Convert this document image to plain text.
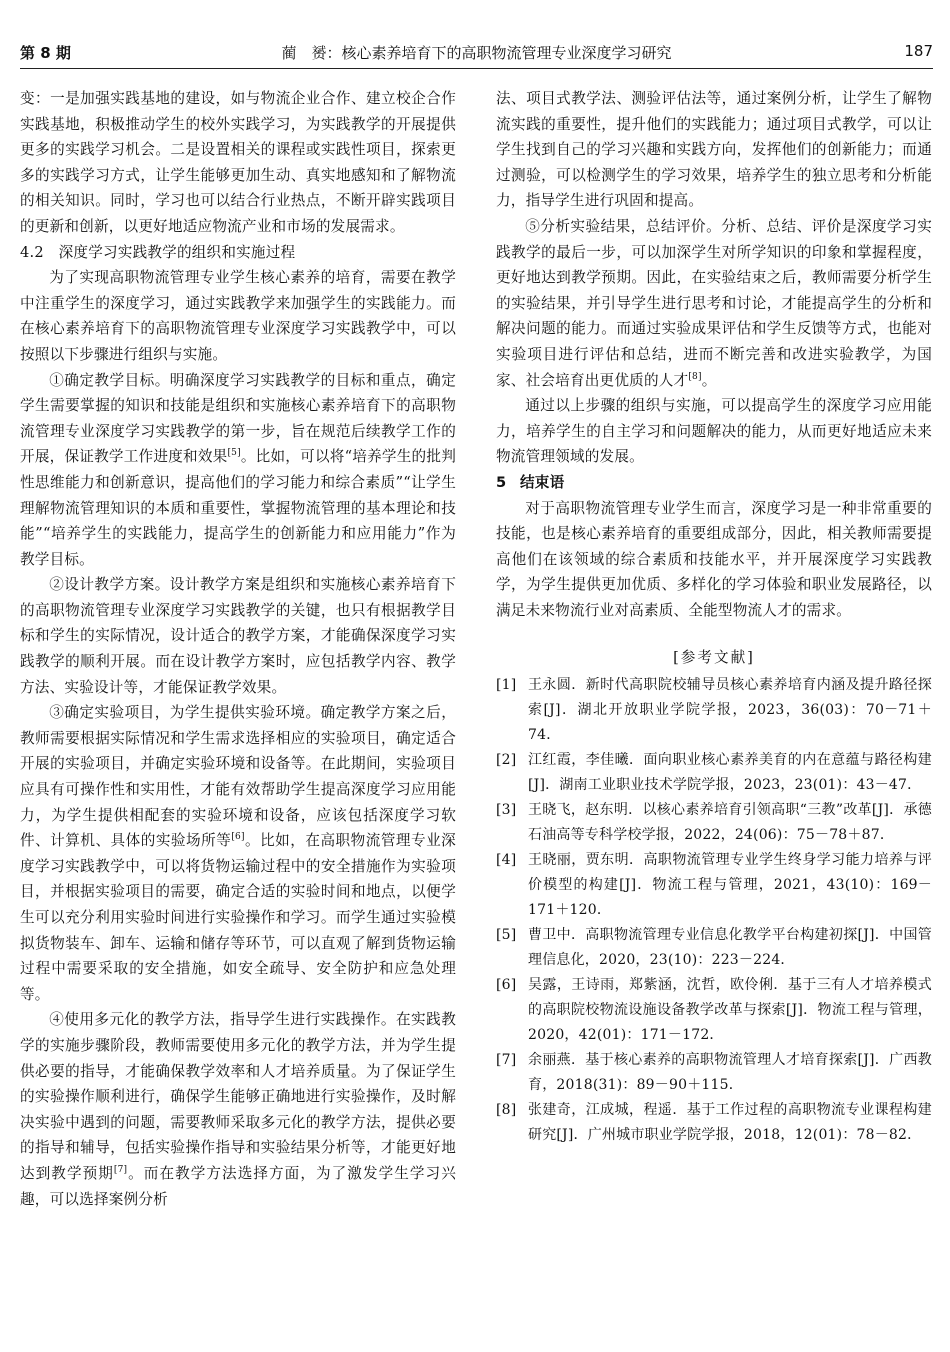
第 8 期	蔺　赟：核心素养培育下的高职物流管理专业深度学习研究	187

变：一是加强实践基地的建设，如与物流企业合作、建立校企合作实践基地，积极推动学生的校外实践学习，为实践教学的开展提供更多的实践学习机会。二是设置相关的课程或实践性项目，探索更多的实践学习方式，让学生能够更加生动、真实地感知和了解物流的相关知识。同时，学习也可以结合行业热点，不断开辟实践项目的更新和创新，以更好地适应物流产业和市场的发展需求。

4.2　深度学习实践教学的组织和实施过程

为了实现高职物流管理专业学生核心素养的培育，需要在教学中注重学生的深度学习，通过实践教学来加强学生的实践能力。而在核心素养培育下的高职物流管理专业深度学习实践教学中，可以按照以下步骤进行组织与实施。

①确定教学目标。明确深度学习实践教学的目标和重点，确定学生需要掌握的知识和技能是组织和实施核心素养培育下的高职物流管理专业深度学习实践教学的第一步，旨在规范后续教学工作的开展，保证教学工作进度和效果[5]。比如，可以将“培养学生的批判性思维能力和创新意识，提高他们的学习能力和综合素质”“让学生理解物流管理知识的本质和重要性，掌握物流管理的基本理论和技能”“培养学生的实践能力，提高学生的创新能力和应用能力”作为教学目标。

②设计教学方案。设计教学方案是组织和实施核心素养培育下的高职物流管理专业深度学习实践教学的关键，也只有根据教学目标和学生的实际情况，设计适合的教学方案，才能确保深度学习实践教学的顺利开展。而在设计教学方案时，应包括教学内容、教学方法、实验设计等，才能保证教学效果。

③确定实验项目，为学生提供实验环境。确定教学方案之后，教师需要根据实际情况和学生需求选择相应的实验项目，确定适合开展的实验项目，并确定实验环境和设备等。在此期间，实验项目应具有可操作性和实用性，才能有效帮助学生提高深度学习应用能力，为学生提供相配套的实验环境和设备，应该包括深度学习软件、计算机、具体的实验场所等[6]。比如，在高职物流管理专业深度学习实践教学中，可以将货物运输过程中的安全措施作为实验项目，并根据实验项目的需要，确定合适的实验时间和地点，以便学生可以充分利用实验时间进行实验操作和学习。而学生通过实验模拟货物装车、卸车、运输和储存等环节，可以直观了解到货物运输过程中需要采取的安全措施，如安全疏导、安全防护和应急处理等。

④使用多元化的教学方法，指导学生进行实践操作。在实践教学的实施步骤阶段，教师需要使用多元化的教学方法，并为学生提供必要的指导，才能确保教学效率和人才培养质量。为了保证学生的实验操作顺利进行，确保学生能够正确地进行实验操作，及时解决实验中遇到的问题，需要教师采取多元化的教学方法，提供必要的指导和辅导，包括实验操作指导和实验结果分析等，才能更好地达到教学预期[7]。而在教学方法选择方面，为了激发学生学习兴趣，可以选择案例分析

法、项目式教学法、测验评估法等，通过案例分析，让学生了解物流实践的重要性，提升他们的实践能力；通过项目式教学，可以让学生找到自己的学习兴趣和实践方向，发挥他们的创新能力；而通过测验，可以检测学生的学习效果，培养学生的独立思考和分析能力，指导学生进行巩固和提高。

⑤分析实验结果，总结评价。分析、总结、评价是深度学习实践教学的最后一步，可以加深学生对所学知识的印象和掌握程度，更好地达到教学预期。因此，在实验结束之后，教师需要分析学生的实验结果，并引导学生进行思考和讨论，才能提高学生的分析和解决问题的能力。而通过实验成果评估和学生反馈等方式，也能对实验项目进行评估和总结，进而不断完善和改进实验教学，为国家、社会培育出更优质的人才[8]。

通过以上步骤的组织与实施，可以提高学生的深度学习应用能力，培养学生的自主学习和问题解决的能力，从而更好地适应未来物流管理领域的发展。

5 结束语

对于高职物流管理专业学生而言，深度学习是一种非常重要的技能，也是核心素养培育的重要组成部分，因此，相关教师需要提高他们在该领域的综合素质和技能水平，并开展深度学习实践教学，为学生提供更加优质、多样化的学习体验和职业发展路径，以满足未来物流行业对高素质、全能型物流人才的需求。

[参考文献]

[1] 王永圆．新时代高职院校辅导员核心素养培育内涵及提升路径探索[J]．湖北开放职业学院学报，2023，36(03)：70－71＋74．
[2] 江红霞，李佳曦．面向职业核心素养美育的内在意蕴与路径构建[J]．湖南工业职业技术学院学报，2023，23(01)：43－47．
[3] 王晓飞，赵东明．以核心素养培育引领高职“三教”改革[J]．承德石油高等专科学校学报，2022，24(06)：75－78＋87．
[4] 王晓丽，贾东明．高职物流管理专业学生终身学习能力培养与评价模型的构建[J]．物流工程与管理，2021，43(10)：169－171＋120．
[5] 曹卫中．高职物流管理专业信息化教学平台构建初探[J]．中国管理信息化，2020，23(10)：223－224．
[6] 吴露，王诗雨，郑紫涵，沈哲，欧伶俐．基于三有人才培养模式的高职院校物流设施设备教学改革与探索[J]．物流工程与管理，2020，42(01)：171－172．
[7] 余丽燕．基于核心素养的高职物流管理人才培育探索[J]．广西教育，2018(31)：89－90＋115．
[8] 张建奇，江成城，程遥．基于工作过程的高职物流专业课程构建研究[J]．广州城市职业学院学报，2018，12(01)：78－82．
